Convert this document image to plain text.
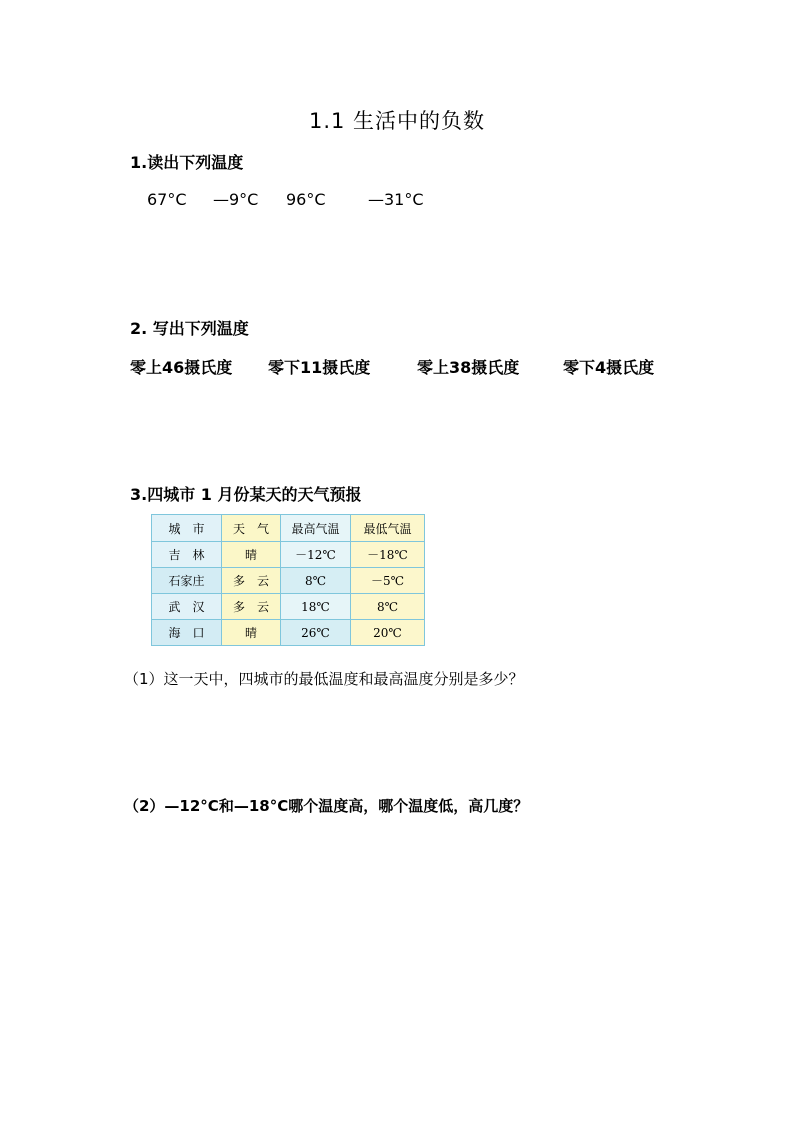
1.1 生活中的负数
1.读出下列温度
67°C —9°C 96°C	—31°C
2. 写出下列温度
零上46摄氏度 零下11摄氏度	零上38摄氏度	零下4摄氏度
3.四城市 1 月份某天的天气预报
城　市	天　气	最高气温	最低气温
吉　林	晴	－12℃	－18℃
石家庄	多　云	8℃	－5℃
武　汉	多　云	18℃	8℃
海　口	晴	26℃	20℃
（1）这一天中，四城市的最低温度和最高温度分别是多少？
（2）—12°C和—18°C哪个温度高，哪个温度低，高几度？
